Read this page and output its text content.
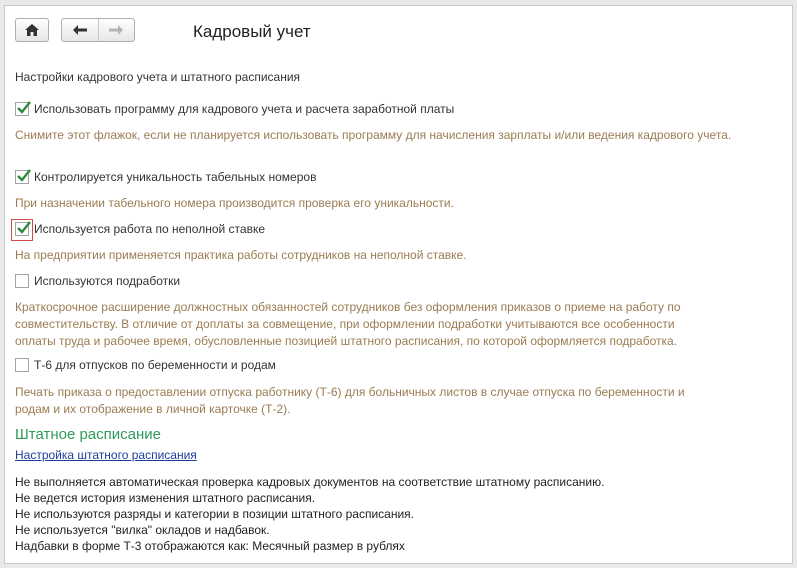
Кадровый учет
Настройки кадрового учета и штатного расписания
Использовать программу для кадрового учета и расчета заработной платы
Снимите этот флажок, если не планируется использовать программу для начисления зарплаты и/или ведения кадрового учета.
Контролируется уникальность табельных номеров
При назначении табельного номера производится проверка его уникальности.
Используется работа по неполной ставке
На предприятии применяется практика работы сотрудников на неполной ставке.
Используются подработки
Краткосрочное расширение должностных обязанностей сотрудников без оформления приказов о приеме на работу по
совместительству. В отличие от доплаты за совмещение, при оформлении подработки учитываются все особенности
оплаты труда и рабочее время, обусловленные позицией штатного расписания, по которой оформляется подработка.
Т-6 для отпусков по беременности и родам
Печать приказа о предоставлении отпуска работнику (Т-6) для больничных листов в случае отпуска по беременности и
родам и их отображение в личной карточке (Т-2).
Штатное расписание
Настройка штатного расписания
Не выполняется автоматическая проверка кадровых документов на соответствие штатному расписанию.
Не ведется история изменения штатного расписания.
Не используются разряды и категории в позиции штатного расписания.
Не используется "вилка" окладов и надбавок.
Надбавки в форме Т-3 отображаются как: Месячный размер в рублях
